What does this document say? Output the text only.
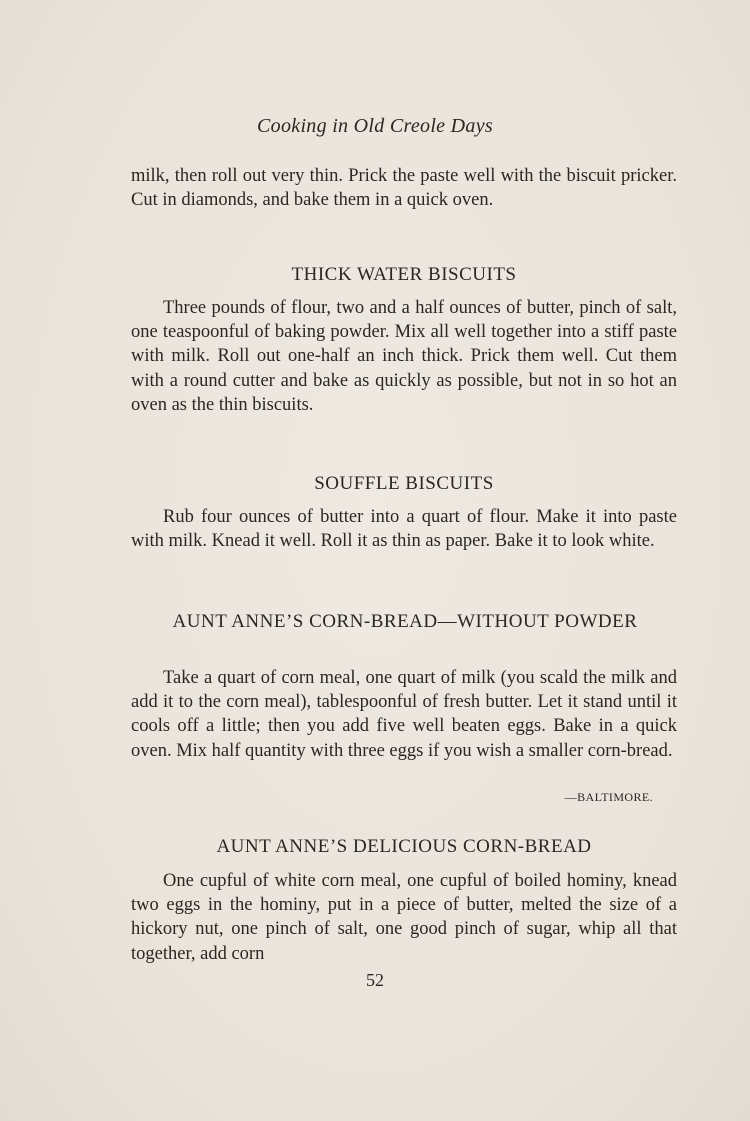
Cooking in Old Creole Days

milk, then roll out very thin. Prick the paste well with the biscuit pricker. Cut in diamonds, and bake them in a quick oven.

THICK WATER BISCUITS

Three pounds of flour, two and a half ounces of butter, pinch of salt, one teaspoonful of baking powder. Mix all well together into a stiff paste with milk. Roll out one-half an inch thick. Prick them well. Cut them with a round cutter and bake as quickly as possible, but not in so hot an oven as the thin biscuits.

SOUFFLE BISCUITS

Rub four ounces of butter into a quart of flour. Make it into paste with milk. Knead it well. Roll it as thin as paper. Bake it to look white.

AUNT ANNE’S CORN-BREAD—WITHOUT POWDER

Take a quart of corn meal, one quart of milk (you scald the milk and add it to the corn meal), tablespoonful of fresh butter. Let it stand until it cools off a little; then you add five well beaten eggs. Bake in a quick oven. Mix half quantity with three eggs if you wish a smaller corn-bread.

—BALTIMORE.
AUNT ANNE’S DELICIOUS CORN-BREAD

One cupful of white corn meal, one cupful of boiled hominy, knead two eggs in the hominy, put in a piece of butter, melted the size of a hickory nut, one pinch of salt, one good pinch of sugar, whip all that together, add corn

52
